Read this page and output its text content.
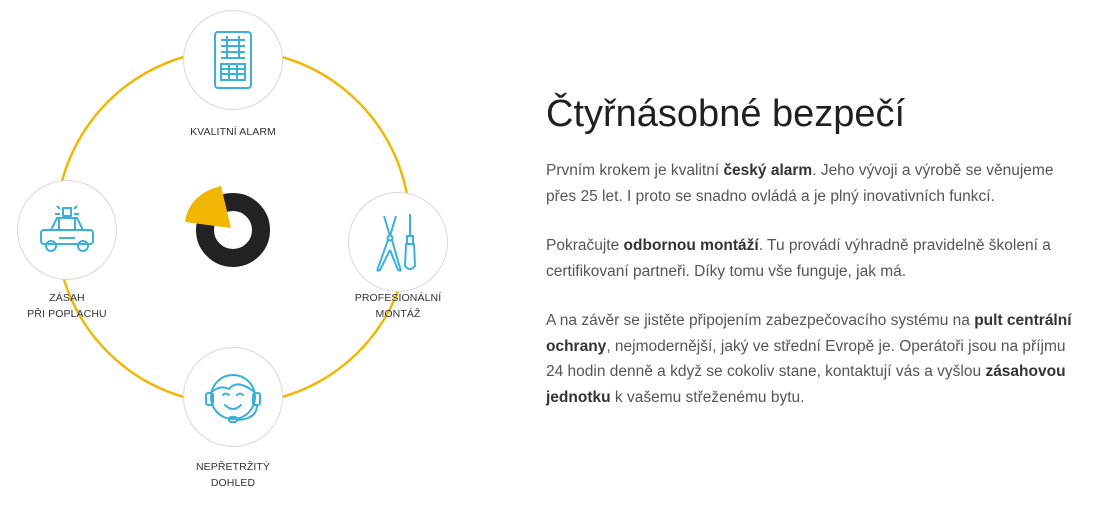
KVALITNÍ ALARM
PROFESIONÁLNÍ
MONTÁŽ
NEPŘETRŽITÝ
DOHLED
ZÁSAH
PŘI POPLACHU
Čtyřnásobné bezpečí

Prvním krokem je kvalitní český alarm. Jeho vývoji a výrobě se věnujeme přes 25 let. I proto se snadno ovládá a je plný inovativních funkcí.

Pokračujte odbornou montáží. Tu provádí výhradně pravidelně školení a certifikovaní partneři. Díky tomu vše funguje, jak má.

A na závěr se jistěte připojením zabezpečovacího systému na pult centrální ochrany, nejmodernější, jaký ve střední Evropě je. Operátoři jsou na příjmu 24 hodin denně a když se cokoliv stane, kontaktují vás a vyšlou zásahovou jednotku k vašemu střeženému bytu.
